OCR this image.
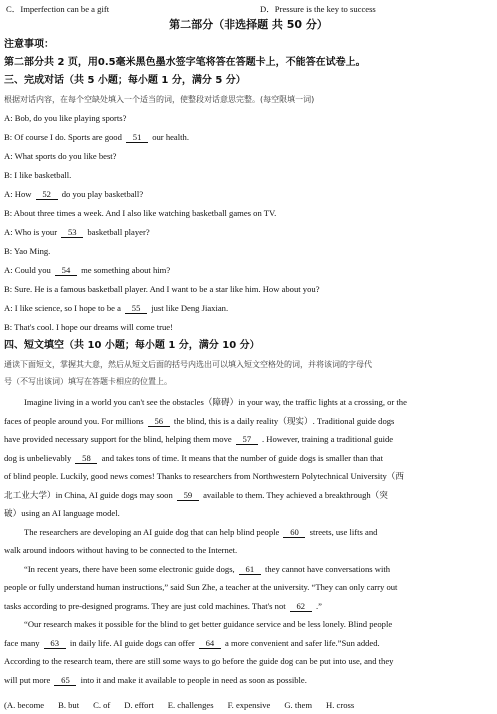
C．Imperfection can be a gift	D．Pressure is the key to success
第二部分（非选择题 共 50 分）
注意事项：
第二部分共 2 页，用0.5毫米黑色墨水签字笔将答在答题卡上，不能答在试卷上。
三、完成对话（共 5 小题；每小题 1 分，满分 5 分）
根据对话内容，在每个空缺处填入一个适当的词，使整段对话意思完整。(每空限填一词)
A: Bob, do you like playing sports?
B: Of course I do. Sports are good 51 our health.
A: What sports do you like best?
B: I like basketball.
A: How 52 do you play basketball?
B: About three times a week. And I also like watching basketball games on TV.
A: Who is your 53 basketball player?
B: Yao Ming.
A: Could you 54 me something about him?
B: Sure. He is a famous basketball player. And I want to be a star like him. How about you?
A: I like science, so I hope to be a 55 just like Deng Jiaxian.
B: That's cool. I hope our dreams will come true!
四、短文填空（共 10 小题；每小题 1 分，满分 10 分）
通读下面短文，掌握其大意，然后从短文后面的括号内选出可以填入短文空格处的词，并将该词的字母代
号（不写出该词）填写在答题卡相应的位置上。
Imagine living in a world you can't see the obstacles（障碍）in your way, the traffic lights at a crossing, or the
faces of people around you. For millions 56 the blind, this is a daily reality（现实）. Traditional guide dogs
have provided necessary support for the blind, helping them move 57 . However, training a traditional guide
dog is unbelievably 58 and takes tons of time. It means that the number of guide dogs is smaller than that
of blind people. Luckily, good news comes! Thanks to researchers from Northwestern Polytechnical University（西
北工业大学）in China, AI guide dogs may soon 59 available to them. They achieved a breakthrough（突
破）using an AI language model.
The researchers are developing an AI guide dog that can help blind people 60 streets, use lifts and
walk around indoors without having to be connected to the Internet.
“In recent years, there have been some electronic guide dogs, 61 they cannot have conversations with
people or fully understand human instructions,” said Sun Zhe, a teacher at the university. “They can only carry out
tasks according to pre-designed programs. They are just cold machines. That's not 62 .”
“Our research makes it possible for the blind to get better guidance service and be less lonely. Blind people
face many 63 in daily life. AI guide dogs can offer 64 a more convenient and safer life.”Sun added.
According to the research team, there are still some ways to go before the guide dog can be put into use, and they
will put more 65 into it and make it available to people in need as soon as possible.
(A. become B. but C. of D. effort E. challenges F. expensive G. them H. cross
